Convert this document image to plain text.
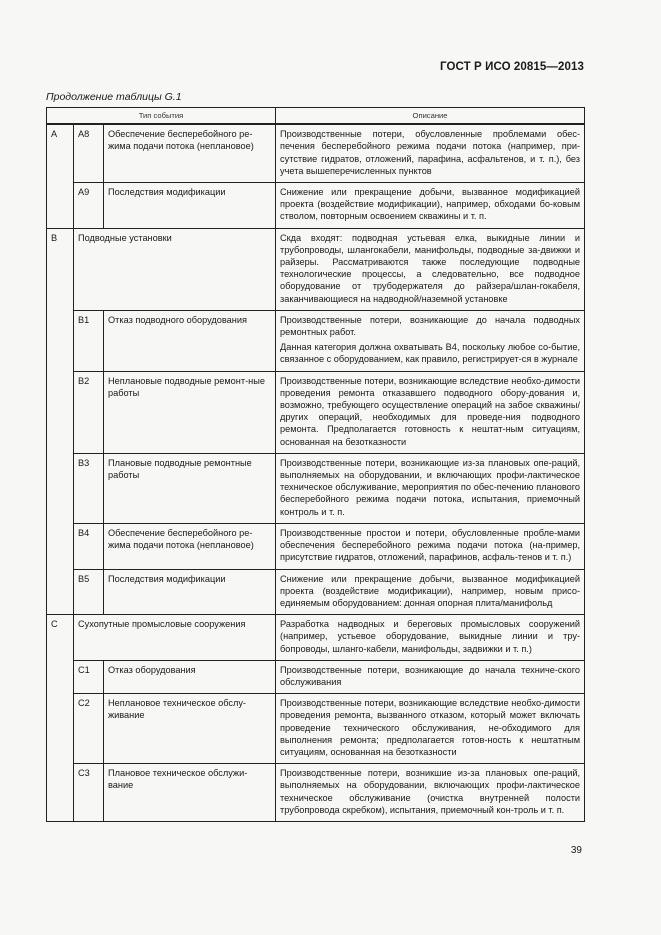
ГОСТ Р ИСО 20815—2013
Продолжение таблицы G.1
Тип события			Описание
A	A8	Обеспечение бесперебойного ре-жима подачи потока (неплановое)	Производственные потери, обусловленные проблемами обес-печения бесперебойного режима подачи потока (например, при-сутствие гидратов, отложений, парафина, асфальтенов, и т. п.), без учета вышеперечисленных пунктов

	A9	Последствия модификации	Снижение или прекращение добычи, вызванное модификацией проекта (воздействие модификации), например, обходами бо-ковым стволом, повторным освоением скважины и т. п.

B	Подводные установки		Скда входят: подводная устьевая елка, выкидные линии и трубопроводы, шлангокабели, манифольды, подводные за-движки и райзеры. Рассматриваются также последующие подводные технологические процессы, а следовательно, все подводное оборудование от трубодержателя до райзера/шлан-гокабеля, заканчивающиеся на надводной/наземной установке

	B1	Отказ подводного оборудования	Производственные потери, возникающие до начала подводных ремонтных работ.
Данная категория должна охватывать B4, поскольку любое со-бытие, связанное с оборудованием, как правило, регистрирует-ся в журнале

	B2	Неплановые подводные ремонт-ные работы	Производственные потери, возникающие вследствие необхо-димости проведения ремонта отказавшего подводного обору-дования и, возможно, требующего осуществление операций на забое скважины/других операций, необходимых для проведе-ния подводного ремонта. Предполагается готовность к нештат-ным ситуациям, основанная на безотказности

	B3	Плановые подводные ремонтные работы	Производственные потери, возникающие из-за плановых опе-раций, выполняемых на оборудовании, и включающих профи-лактическое техническое обслуживание, мероприятия по обес-печению планового бесперебойного режима подачи потока, испытания, приемочный контроль и т. п.

	B4	Обеспечение бесперебойного ре-жима подачи потока (неплановое)	Производственные простои и потери, обусловленные пробле-мами обеспечения бесперебойного режима подачи потока (на-пример, присутствие гидратов, отложений, парафинов, асфаль-тенов и т. п.)

	B5	Последствия модификации	Снижение или прекращение добычи, вызванное модификацией проекта (воздействие модификации), например, новым присо-единяемым оборудованием: донная опорная плита/манифольд

C	Сухопутные промысловые сооружения		Разработка надводных и береговых промысловых сооружений (например, устьевое оборудование, выкидные линии и тру-бопроводы, шланго-кабели, манифольды, задвижки и т. п.)

	C1	Отказ оборудования	Производственные потери, возникающие до начала техниче-ского обслуживания

	C2	Неплановое техническое обслу-живание	Производственные потери, возникающие вследствие необхо-димости проведения ремонта, вызванного отказом, который может включать проведение технического обслуживания, не-обходимого для выполнения ремонта; предполагается готов-ность к нештатным ситуациям, основанная на безотказности

	C3	Плановое техническое обслужи-вание	Производственные потери, возникшие из-за плановых опе-раций, выполняемых на оборудовании, включающих профи-лактическое техническое обслуживание (очистка внутренней полости трубопровода скребком), испытания, приемочный кон-троль и т. п.
39
